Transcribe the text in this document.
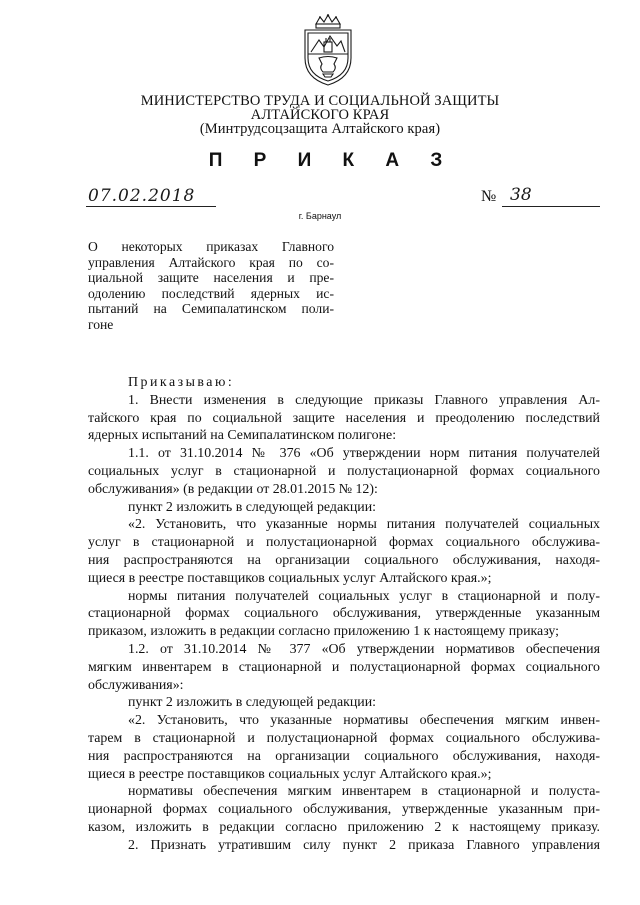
МИНИСТЕРСТВО ТРУДА И СОЦИАЛЬНОЙ ЗАЩИТЫ
АЛТАЙСКОГО КРАЯ
(Минтрудсоцзащита Алтайского края)
П Р И К А З
07.02.2018	№ 38
г. Барнаул
О некоторых приказах Главного
управления Алтайского края по со-
циальной защите населения и пре-
одолению последствий ядерных ис-
пытаний на Семипалатинском поли-
гоне
Приказываю:
1. Внести изменения в следующие приказы Главного управления Ал-
тайского края по социальной защите населения и преодолению последствий
ядерных испытаний на Семипалатинском полигоне:
1.1. от 31.10.2014 № 376 «Об утверждении норм питания получателей
социальных услуг в стационарной и полустационарной формах социального
обслуживания» (в редакции от 28.01.2015 № 12):
пункт 2 изложить в следующей редакции:
«2. Установить, что указанные нормы питания получателей социальных
услуг в стационарной и полустационарной формах социального обслужива-
ния распространяются на организации социального обслуживания, находя-
щиеся в реестре поставщиков социальных услуг Алтайского края.»;
нормы питания получателей социальных услуг в стационарной и полу-
стационарной формах социального обслуживания, утвержденные указанным
приказом, изложить в редакции согласно приложению 1 к настоящему приказу;
1.2. от 31.10.2014 № 377 «Об утверждении нормативов обеспечения
мягким инвентарем в стационарной и полустационарной формах социального
обслуживания»:
пункт 2 изложить в следующей редакции:
«2. Установить, что указанные нормативы обеспечения мягким инвен-
тарем в стационарной и полустационарной формах социального обслужива-
ния распространяются на организации социального обслуживания, находя-
щиеся в реестре поставщиков социальных услуг Алтайского края.»;
нормативы обеспечения мягким инвентарем в стационарной и полуста-
ционарной формах социального обслуживания, утвержденные указанным при-
казом, изложить в редакции согласно приложению 2 к настоящему приказу.
2. Признать утратившим силу пункт 2 приказа Главного управления
